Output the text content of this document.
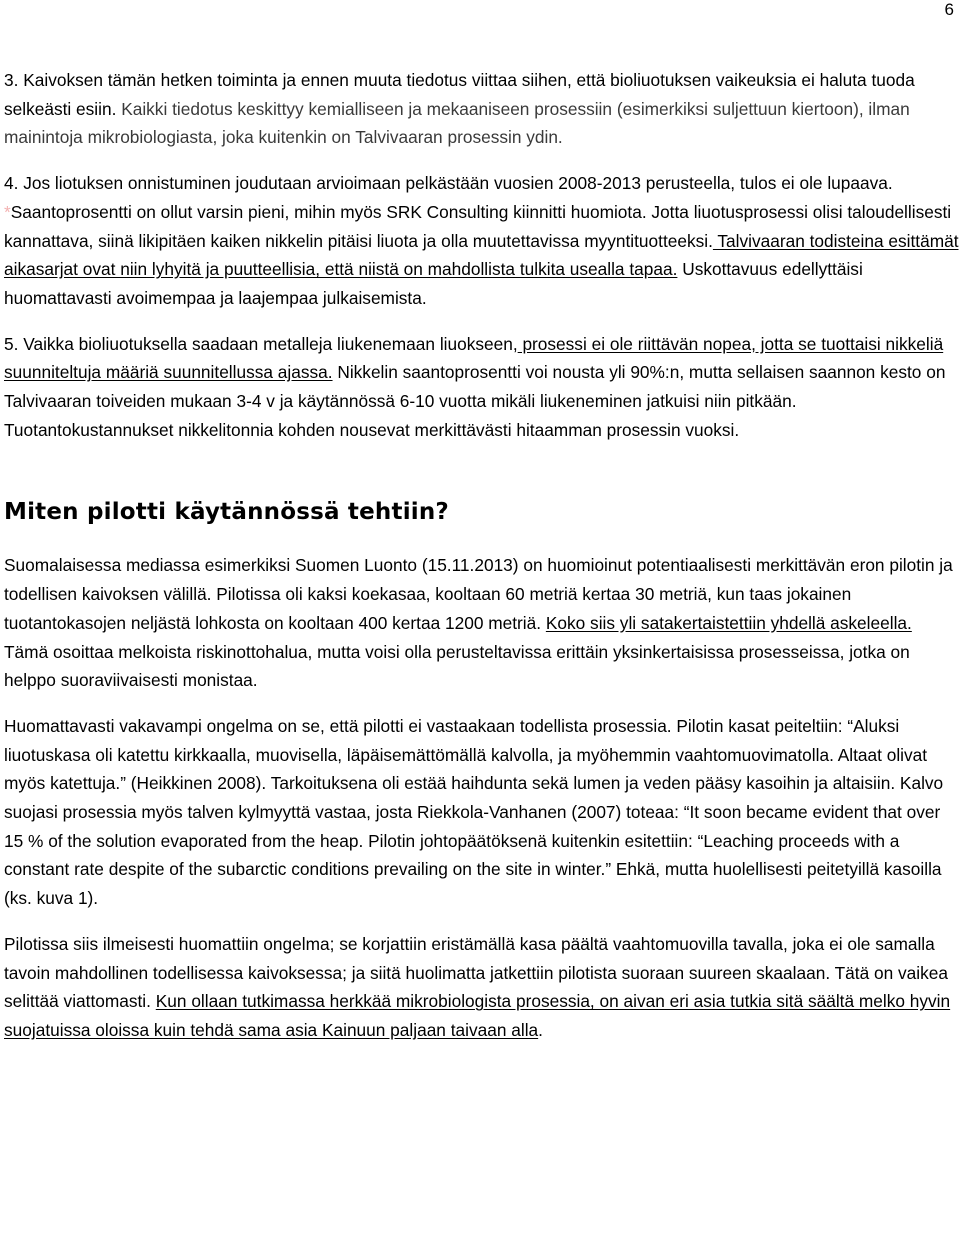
6

3. Kaivoksen tämän hetken toiminta ja ennen muuta tiedotus viittaa siihen, että bioliuotuksen vaikeuksia ei haluta tuoda selkeästi esiin. Kaikki tiedotus keskittyy kemialliseen ja mekaaniseen prosessiin (esimerkiksi suljettuun kiertoon), ilman mainintoja mikrobiologiasta, joka kuitenkin on Talvivaaran prosessin ydin.

4. Jos liotuksen onnistuminen joudutaan arvioimaan pelkästään vuosien 2008-2013 perusteella, tulos ei ole lupaava. *Saantoprosentti on ollut varsin pieni, mihin myös SRK Consulting kiinnitti huomiota. Jotta liuotusprosessi olisi taloudellisesti kannattava, siinä likipitäen kaiken nikkelin pitäisi liuota ja olla muutettavissa myyntituotteeksi. Talvivaaran todisteina esittämät aikasarjat ovat niin lyhyitä ja puutteellisia, että niistä on mahdollista tulkita usealla tapaa. Uskottavuus edellyttäisi huomattavasti avoimempaa ja laajempaa julkaisemista.

5. Vaikka bioliuotuksella saadaan metalleja liukenemaan liuokseen, prosessi ei ole riittävän nopea, jotta se tuottaisi nikkeliä suunniteltuja määriä suunnitellussa ajassa. Nikkelin saantoprosentti voi nousta yli 90%:n, mutta sellaisen saannon kesto on Talvivaaran toiveiden mukaan 3-4 v ja käytännössä 6-10 vuotta mikäli liukeneminen jatkuisi niin pitkään. Tuotantokustannukset nikkelitonnia kohden nousevat merkittävästi hitaamman prosessin vuoksi.

Miten pilotti käytännössä tehtiin?

Suomalaisessa mediassa esimerkiksi Suomen Luonto (15.11.2013) on huomioinut potentiaalisesti merkittävän eron pilotin ja todellisen kaivoksen välillä. Pilotissa oli kaksi koekasaa, kooltaan 60 metriä kertaa 30 metriä, kun taas jokainen tuotantokasojen neljästä lohkosta on kooltaan 400 kertaa 1200 metriä. Koko siis yli satakertaistettiin yhdellä askeleella. Tämä osoittaa melkoista riskinottohalua, mutta voisi olla perusteltavissa erittäin yksinkertaisissa prosesseissa, jotka on helppo suoraviivaisesti monistaa.

Huomattavasti vakavampi ongelma on se, että pilotti ei vastaakaan todellista prosessia. Pilotin kasat peiteltiin: “Aluksi liuotuskasa oli katettu kirkkaalla, muovisella, läpäisemättömällä kalvolla, ja myöhemmin vaahtomuovimatolla. Altaat olivat myös katettuja.” (Heikkinen 2008). Tarkoituksena oli estää haihdunta sekä lumen ja veden pääsy kasoihin ja altaisiin. Kalvo suojasi prosessia myös talven kylmyyttä vastaa, josta Riekkola-Vanhanen (2007) toteaa: “It soon became evident that over 15 % of the solution evaporated from the heap. Pilotin johtopäätöksenä kuitenkin esitettiin: “Leaching proceeds with a constant rate despite of the subarctic conditions prevailing on the site in winter.” Ehkä, mutta huolellisesti peitetyillä kasoilla (ks. kuva 1).

Pilotissa siis ilmeisesti huomattiin ongelma; se korjattiin eristämällä kasa päältä vaahtomuovilla tavalla, joka ei ole samalla tavoin mahdollinen todellisessa kaivoksessa; ja siitä huolimatta jatkettiin pilotista suoraan suureen skaalaan. Tätä on vaikea selittää viattomasti. Kun ollaan tutkimassa herkkää mikrobiologista prosessia, on aivan eri asia tutkia sitä säältä melko hyvin suojatuissa oloissa kuin tehdä sama asia Kainuun paljaan taivaan alla.
